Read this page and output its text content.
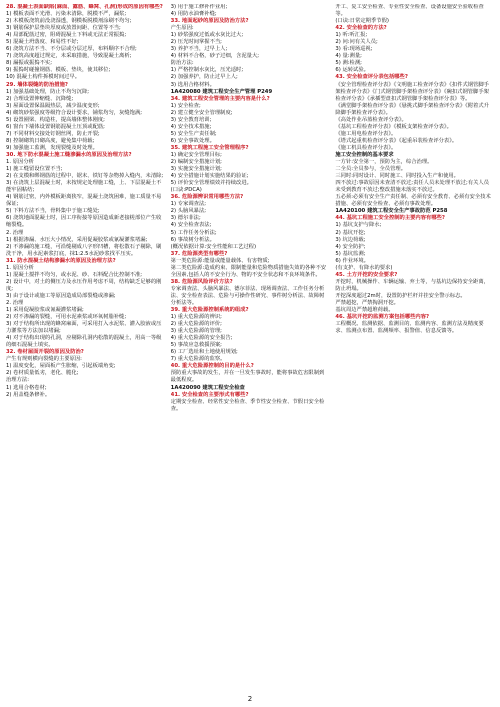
28. 混凝土表面缺陷(麻面、露筋、蜂窝、孔洞)形成的原因有哪些?

1) 模板表面不光滑、污染未清除，脱模不严，漏浆;

2) 木模板浇筑前没浇湿透，钢模板脱模剂涂刷不均匀;

3) 钢筋保护层垫块厚度或放置间距、位置等不当;

4) 局部配筋过密，阻碍混凝土下料或无法正常振捣;

5) 混凝土坍落度、和易性不好;

6) 浇筑方法不当、不分层或分层过厚，布料顺序不合理;

7) 浇筑高度超过规定，未采取措施，导致混凝土离析;

8) 漏振或振捣不实;

9) 振捣时碰撞钢筋、模板、垫块，使其移位;

10) 混凝土构件拆模时间过早。

29. 墙体裂缝的防治措施?

1) 加强基础处理，防止不均匀沉降;

2) 合理设置伸缩缝、沉降缝;

3) 屋面设置保温隔热层，减少温度变形;

4) 砌筑砂浆强度等级符合设计要求，铺浆均匀，灰缝饱满;

5) 设置圈梁、构造柱，提高墙体整体刚度;

6) 窗台下墙体设置钢筋混凝土压顶或配筋;

7) 不同材料交接处钉钢丝网，防止开裂;

8) 控制砌筑日砌高度，避免集中荷载;

9) 加强施工监测，发现裂缝及时处理。

30. 地下防水混凝土施工缝渗漏水的原因及治理方法?

1. 原因分析

1) 施工缝留设位置不当;

2) 在支模和绑钢筋的过程中，锯末、铁钉等杂物掉入缝内，未清除;

3) 在浇筑上层混凝土时，未按规定处理施工缝，上、下层混凝土不能牢固粘结;

4) 钢筋过密，内外模板距离狭窄，混凝土浇筑困难，施工质量不易保证;

5) 下料方法不当，骨料集中于施工缝处;

6) 浇筑地面混凝土时，因工序衔接等原因造成新老接槎部位产生收缩裂缝。

2. 治理

1) 根据渗漏、水压大小情况，采用促凝胶浆或氰凝灌浆堵漏;

2) 不渗漏的施工缝，可沿缝剔成八字形凹槽，将松散石子剔除，刷洗干净，用水泥素浆打底，抹1:2.5水泥砂浆找平压实。

31. 防水混凝土结构渗漏水的原因及治理方法?

1. 原因分析

1) 混凝土搅拌不均匀，或水泥、砂、石料配合比控制不准;

2) 设计中，对土的侧压力及水压作用考虑不周，结构缺乏足够的刚度;

3) 由于设计或施工等原因造成局部裂缝或渗漏;

2. 治理

1) 采用促凝胶浆或氰凝灌浆堵漏;

2) 对不渗漏的裂缝，可用水泥素浆或环氧树脂补缝;

3) 对于结构所出现的蜂窝麻面，可采用打入水泥浆、灌入胶液或压力灌浆等方法加以堵漏;

4) 对于结构出现的孔洞，应剔除孔洞内松散的混凝土，用高一等级的细石混凝土填实。

32. 卷材屋面开裂的原因及防治?

产生有规则横向裂缝的主要原因:

1) 温度变化，屋面板产生胀缩，引起板端角变;

2) 卷材质量低劣，老化、脆化;

治理方法:

1) 选用合格卷材;

2) 用盖缝条修补。

3) 用于施工修补作业用;

4) 用防水油膏补缝;

33. 地面起砂的原因及防治方法?

产生原因:

1) 砂浆强度过低或水灰比过大;

2) 压光时间掌握不当;

3) 养护不当，过早上人;

4) 材料不合格，砂子过细，含泥量大;

防治方法:

1) 严格控制水灰比，压光适时;

2) 加强养护，防止过早上人;

3) 选用合格材料。

1A420080 建筑工程安全生产管理 P249

34. 建筑工程安全管理的主要内容是什么?

1) 安全检查;

2) 建立健全安全管理制度;

3) 安全教育培训;

4) 安全技术措施;

5) 安全生产责任制;

6) 安全事故处理。

35. 建筑工程施工安全管理程序?

1) 确定安全管理目标;

2) 编制安全措施计划;

3) 实施安全措施计划;

4) 安全措施计划实施结果的验证;

5) 评价安全管理绩效并持续改进。

(口诀:PDCA)

36. 危险源辨识常用哪些方法?

1) 专家调查法;

2) 头脑风暴法;

3) 德尔菲法;

4) 安全检查表法;

5) 工作任务分析法;

6) 事故树分析法。

(概况依据计算:安全性能和工艺过程)

37. 危险源类型有哪些?

第一类危险源:能量或能量载体、有害物质;

第二类危险源:造成约束、限制能量和危险物质措施失效的各种不安全因素,包括人的不安全行为、物的不安全状态和不良环境条件。

38. 危险源风险评价方法?

专家调查法、头脑风暴法、德尔菲法、现场调查法、工作任务分析法、安全检查表法、危险与可操作性研究、事件树分析法、故障树分析法等。

39. 重大危险源控制系统的组成?

1) 重大危险源的辨识;

2) 重大危险源的评价;

3) 重大危险源的管理;

4) 重大危险源的安全报告;

5) 事故应急救援预案;

6) 工厂选址和土地使用规划;

7) 重大危险源的监察。

40. 重大危险源控制的目的是什么?

预防重大事故的发生，并在一旦发生事故时，能将事故危害限制到最低程度。

1A420090 建筑工程安全检查

41. 安全检查的主要形式有哪些?

定期安全检查、经常性安全检查、季节性安全检查、节假日安全检查。

开工、复工安全检查、专业性安全检查、设备设施安全验收检查等。

(口诀:日常定期季节假)

42. 安全检查的方法?

1) 听:听汇报;

2) 问:问有关人员;

3) 看:现场巡视;

4) 量:测量;

5) 测:检测;

6) 运转试验。

43. 安全检查评分表包括哪些?

《安全管理检查评分表》《文明施工检查评分表》《扣件式钢管脚手架检查评分表》《门式钢管脚手架检查评分表》《碗扣式钢管脚手架检查评分表》《承插型盘扣式钢管脚手架检查评分表》等。

《满堂脚手架检查评分表》《悬挑式脚手架检查评分表》《附着式升降脚手架检查评分表》。

《高处作业吊篮检查评分表》。

《基坑工程检查评分表》《模板支架检查评分表》。

《施工用电检查评分表》。

《塔式起重机检查评分表》《起重吊装检查评分表》。

《施工机具检查评分表》。

施工安全控制的基本要求

一方针:安全第一，预防为主，综合治理。

二全员:全员参与，全员管理。

三同时:同时设计、同时施工、同时投入生产和使用。

四不放过:事故原因未查清不放过;责任人员未处理不放过;有关人员未受到教育不放过;整改措施未落实不放过。

五必须:必须有安全生产责任制、必须有安全教育、必须有安全技术措施、必须有安全检查、必须有事故处理。

1A420100 建筑工程安全生产事故防范 P258

44. 基坑工程施工安全控制的主要内容有哪些?

1) 基坑支护与降水;

2) 基坑开挖;

3) 坑边荷载;

4) 安全防护;

5) 基坑监测;

6) 作业环境。

(有支护、有降水的要求)

45. 土方开挖的安全要求?

开挖时，机械操作、车辆运输、弃土等，与基坑边保持安全距离，防止坍塌。

开挖深度超过2m时，设置防护栏杆并挂安全警示标志。

严禁超挖，严禁掏洞开挖。

基坑周边严禁超堆荷载。

46. 基坑开挖的监测方案包括哪些内容?

工程概况、监测依据、监测目的、监测内容、监测方法及精度要求、监测点布置、监测频率、报警值、信息反馈等。

2
